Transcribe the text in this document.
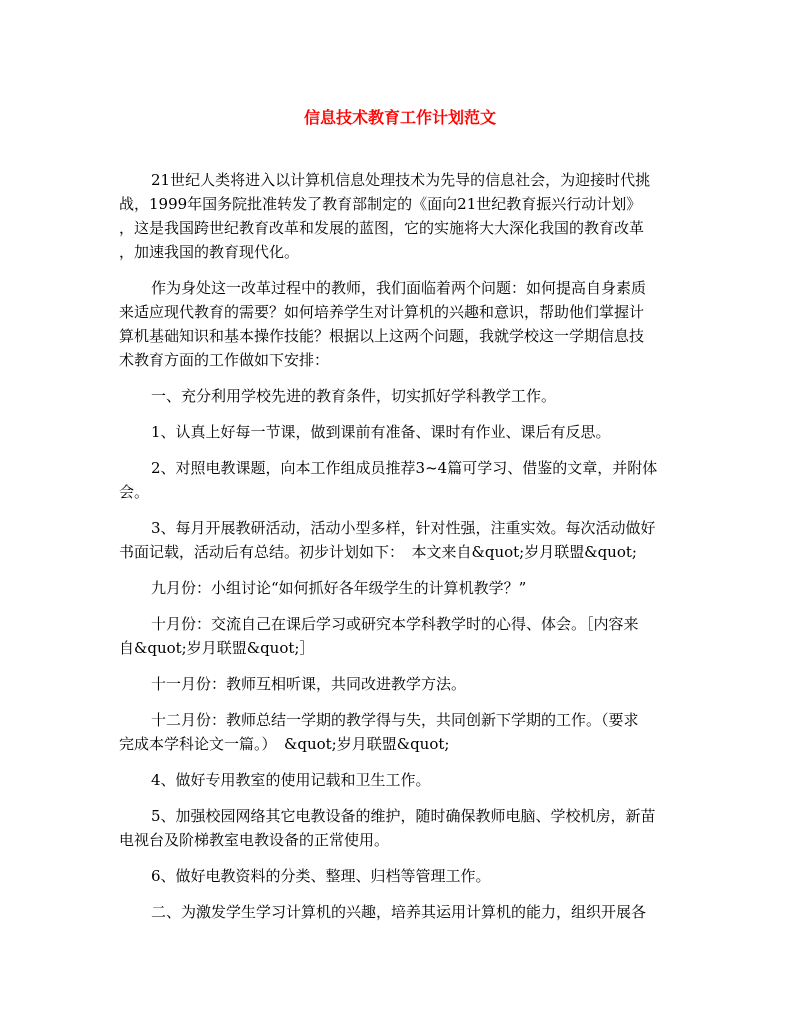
信息技术教育工作计划范文
21世纪人类将进入以计算机信息处理技术为先导的信息社会，为迎接时代挑
战，1999年国务院批准转发了教育部制定的《面向21世纪教育振兴行动计划》
，这是我国跨世纪教育改革和发展的蓝图，它的实施将大大深化我国的教育改革
，加速我国的教育现代化。
作为身处这一改革过程中的教师，我们面临着两个问题：如何提高自身素质
来适应现代教育的需要？如何培养学生对计算机的兴趣和意识，帮助他们掌握计
算机基础知识和基本操作技能？根据以上这两个问题，我就学校这一学期信息技
术教育方面的工作做如下安排：
一、充分利用学校先进的教育条件，切实抓好学科教学工作。
1、认真上好每一节课，做到课前有准备、课时有作业、课后有反思。
2、对照电教课题，向本工作组成员推荐3~4篇可学习、借鉴的文章，并附体
会。
3、每月开展教研活动，活动小型多样，针对性强，注重实效。每次活动做好
书面记载，活动后有总结。初步计划如下：　本文来自&quot;岁月联盟&quot;
九月份：小组讨论“如何抓好各年级学生的计算机教学？”
十月份：交流自己在课后学习或研究本学科教学时的心得、体会。［内容来
自&quot;岁月联盟&quot;］
十一月份：教师互相听课，共同改进教学方法。
十二月份：教师总结一学期的教学得与失，共同创新下学期的工作。（要求
完成本学科论文一篇。）　&quot;岁月联盟&quot;
4、做好专用教室的使用记载和卫生工作。
5、加强校园网络其它电教设备的维护，随时确保教师电脑、学校机房，新苗
电视台及阶梯教室电教设备的正常使用。
6、做好电教资料的分类、整理、归档等管理工作。
二、为激发学生学习计算机的兴趣，培养其运用计算机的能力，组织开展各
